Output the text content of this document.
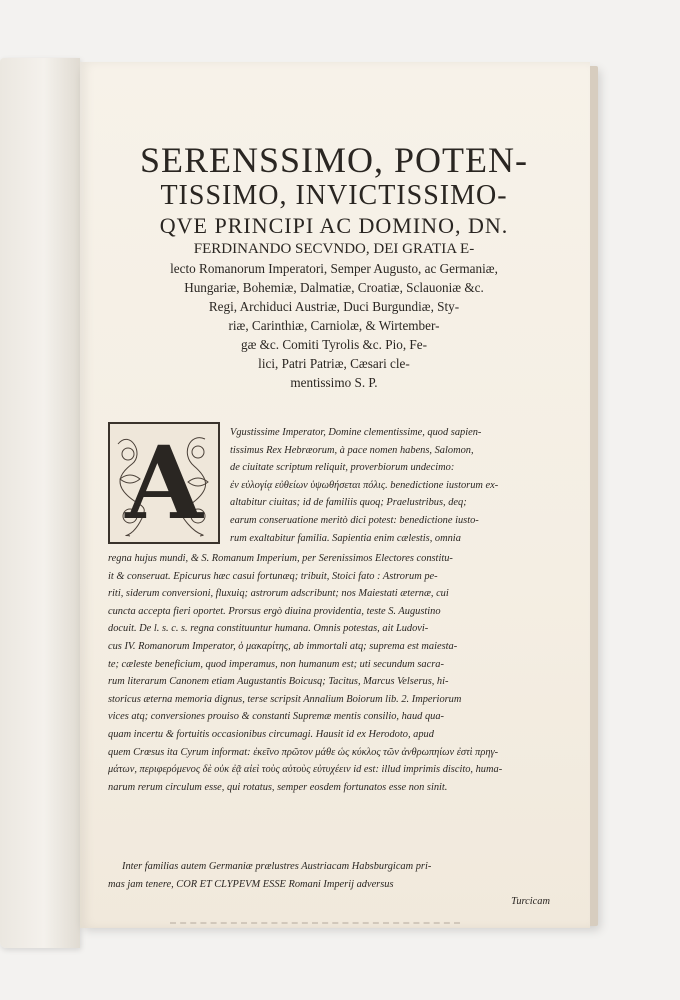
SERENSSIMO, POTEN-
TISSIMO, INVICTISSIMO-
QVE PRINCIPI AC DOMINO, DN.
FERDINANDO SECVNDO, DEI GRATIA E-
lecto Romanorum Imperatori, Semper Augusto, ac Germaniæ,
Hungariæ, Bohemiæ, Dalmatiæ, Croatiæ, Sclauoniæ &c.
Regi, Archiduci Austriæ, Duci Burgundiæ, Sty-
riæ, Carinthiæ, Carniolæ, & Wirtember-
gæ &c. Comiti Tyrolis &c. Pio, Fe-
lici, Patri Patriæ, Cæsari cle-
mentissimo S. P.
A	Vgustissime Imperator, Domine clementissime, quod sapien-

tissimus Rex Hebræorum, à pace nomen habens, Salomon,

de ciuitate scriptum reliquit, proverbiorum undecimo:

ἐν εὐλογίᾳ εὐθείων ὑψωθήσεται πόλις. benedictione iustorum ex-

altabitur ciuitas; id de familiis quoq; Praelustribus, deq;

earum conseruatione meritò dici potest: benedictione iusto-

rum exaltabitur familia. Sapientia enim cælestis, omnia

regna hujus mundi, & S. Romanum Imperium, per Serenissimos Electores constitu-

it & conseruat. Epicurus hæc casui fortunæq; tribuit, Stoici fato : Astrorum pe-

riti, siderum conversioni, fluxuiq; astrorum adscribunt; nos Maiestati æternæ, cui

cuncta accepta fieri oportet. Prorsus ergò diuina providentia, teste S. Augustino

docuit. De l. s. c. s. regna constituuntur humana. Omnis potestas, ait Ludovi-

cus IV. Romanorum Imperator, ὁ μακαρίτης, ab immortali atq; suprema est maiesta-

te; cæleste beneficium, quod imperamus, non humanum est; uti secundum sacra-

rum literarum Canonem etiam Augustantis Boicusq; Tacitus, Marcus Velserus, hi-

storicus æterna memoria dignus, terse scripsit Annalium Boiorum lib. 2. Imperiorum

vices atq; conversiones prouiso & constanti Supremæ mentis consilio, haud qua-

quam incertu & fortuitis occasionibus circumagi. Hausit id ex Herodoto, apud

quem Crœsus ita Cyrum informat: ἐκεῖνο πρῶτον μάθε ὡς κύκλος τῶν ἀνθρωπηίων ἐστὶ πρηγ-

μάτων, περιφερόμενος δὲ οὐκ ἐᾷ αἰεὶ τοὺς αὐτοὺς εὐτυχέειν id est: illud imprimis discito, huma-

narum rerum circulum esse, qui rotatus, semper eosdem fortunatos esse non sinit.

Inter familias autem Germaniæ prælustres Austriacam Habsburgicam pri-
mas jam tenere, COR ET CLYPEVM ESSE Romani Imperij adversus
Turcicam
